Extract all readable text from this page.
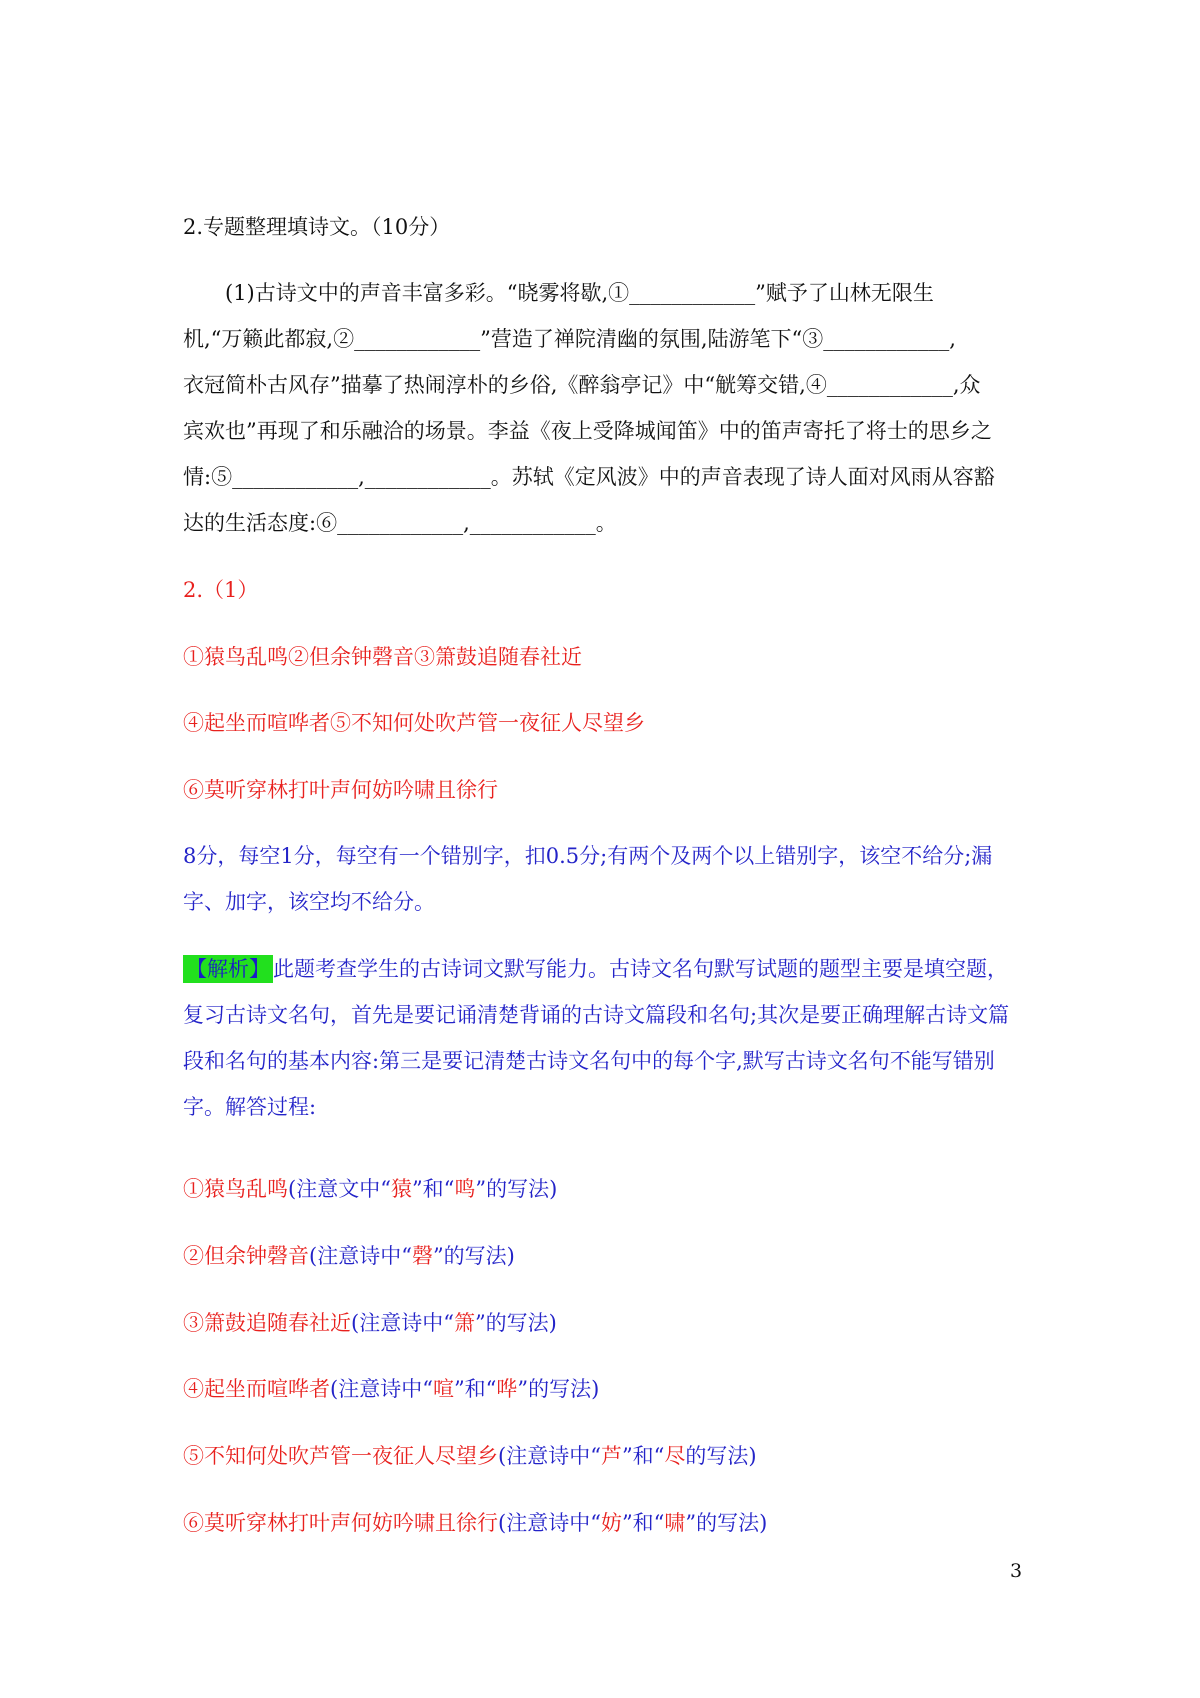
2.专题整理填诗文。（10分）
　　(1)古诗文中的声音丰富多彩。“晓雾将歇,①____________”赋予了山林无限生
机,“万籁此都寂,②____________”营造了禅院清幽的氛围,陆游笔下“③____________,
衣冠简朴古风存”描摹了热闹淳朴的乡俗,《醉翁亭记》中“觥筹交错,④____________,众
宾欢也”再现了和乐融洽的场景。李益《夜上受降城闻笛》中的笛声寄托了将士的思乡之
情:⑤____________,____________。苏轼《定风波》中的声音表现了诗人面对风雨从容豁
达的生活态度:⑥____________,____________。
2.（1）
①猿鸟乱鸣②但余钟磬音③箫鼓追随春社近
④起坐而喧哗者⑤不知何处吹芦管一夜征人尽望乡
⑥莫听穿林打叶声何妨吟啸且徐行
8分，每空1分，每空有一个错别字，扣0.5分;有两个及两个以上错别字，该空不给分;漏字、加字，该空均不给分。
【解析】 此题考查学生的古诗词文默写能力。古诗文名句默写试题的题型主要是填空题，复习古诗文名句，首先是要记诵清楚背诵的古诗文篇段和名句;其次是要正确理解古诗文篇段和名句的基本内容:第三是要记清楚古诗文名句中的每个字,默写古诗文名句不能写错别字。解答过程:
①猿鸟乱鸣(注意文中“猿”和“鸣”的写法)
②但余钟磬音(注意诗中“磬”的写法)
③箫鼓追随春社近(注意诗中“箫”的写法)
④起坐而喧哗者(注意诗中“喧”和“哗”的写法)
⑤不知何处吹芦管一夜征人尽望乡(注意诗中“芦”和“尽的写法)
⑥莫听穿林打叶声何妨吟啸且徐行(注意诗中“妨”和“啸”的写法)
3
